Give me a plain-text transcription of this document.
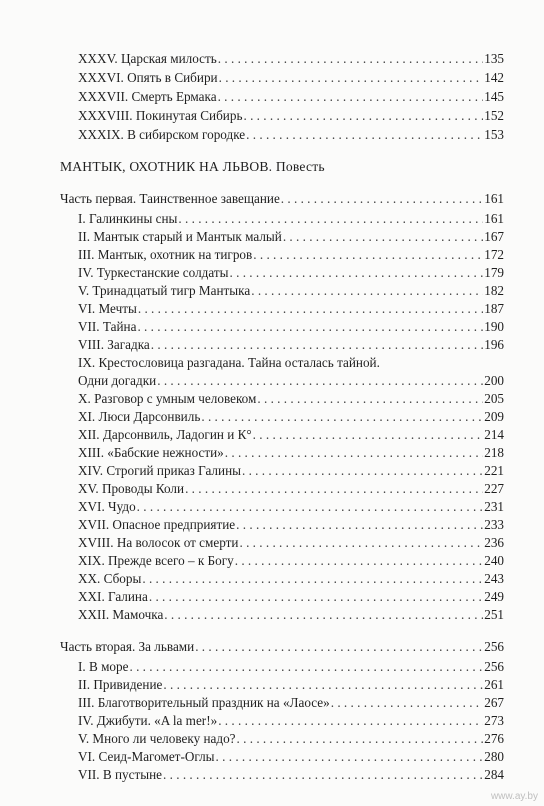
XXXV. Царская милость . . .	135
XXXVI. Опять в Сибири . . .	142
XXXVII. Смерть Ермака . . .	145
XXXVIII. Покинутая Сибирь . . .	152
XXXIX. В сибирском городке . . .	153
МАНТЫК, ОХОТНИК НА ЛЬВОВ. Повесть
Часть первая. Таинственное завещание . . .	161
I. Галинкины сны . . .	161
II. Мантык старый и Мантык малый . . .	167
III. Мантык, охотник на тигров . . .	172
IV. Туркестанские солдаты . . .	179
V. Тринадцатый тигр Мантыка . . .	182
VI. Мечты . . .	187
VII. Тайна . . .	190
VIII. Загадка . . .	196
IX. Крестословица разгадана. Тайна осталась тайной.
Одни догадки . . .	200
X. Разговор с умным человеком . . .	205
XI. Люси Дарсонвиль . . .	209
XII. Дарсонвиль, Ладогин и К° . . .	214
XIII. «Бабские нежности» . . .	218
XIV. Строгий приказ Галины . . .	221
XV. Проводы Коли . . .	227
XVI. Чудо . . .	231
XVII. Опасное предприятие . . .	233
XVIII. На волосок от смерти . . .	236
XIX. Прежде всего – к Богу . . .	240
XX. Сборы . . .	243
XXI. Галина . . .	249
XXII. Мамочка . . .	251
Часть вторая. За львами . . .	256
I. В море . . .	256
II. Привидение . . .	261
III. Благотворительный праздник на «Лаосе» . . .	267
IV. Джибути. «A la mer!» . . .	273
V. Много ли человеку надо? . . .	276
VI. Сеид-Магомет-Оглы . . .	280
VII. В пустыне . . .	284
www.ay.by
